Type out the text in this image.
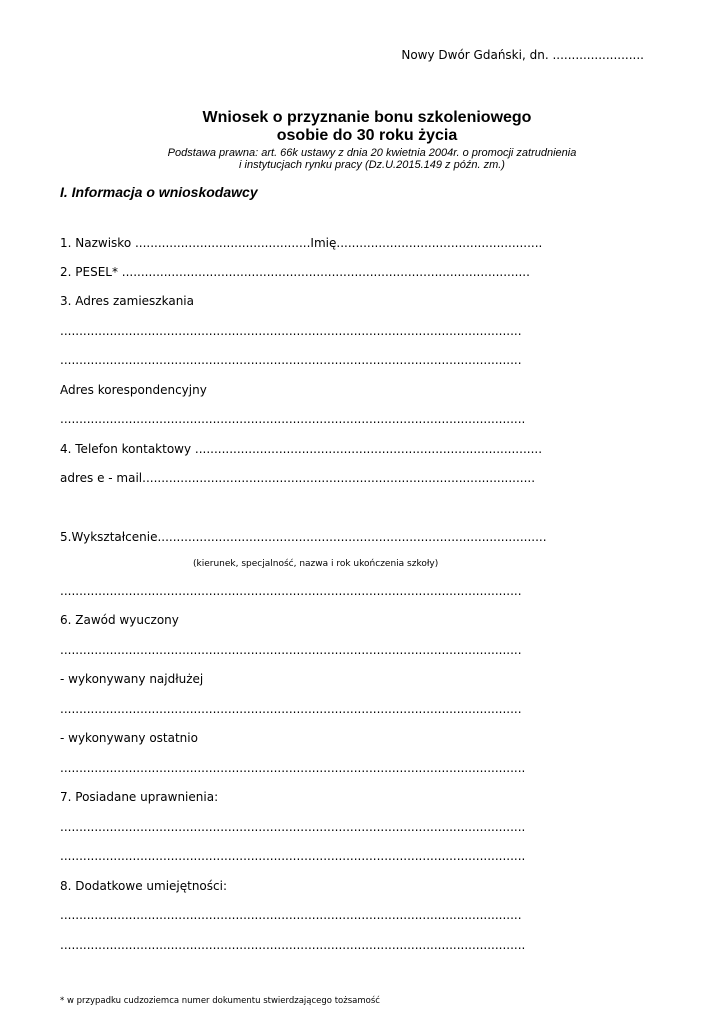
Nowy Dwór Gdański, dn. ........................
Wniosek o przyznanie bonu szkoleniowego
osobie do 30 roku życia
Podstawa prawna: art. 66k ustawy z dnia 20 kwietnia 2004r. o promocji zatrudnienia
i instytucjach rynku pracy (Dz.U.2015.149 z późn. zm.)
I. Informacja o wnioskodawcy
1. Nazwisko ..............................................Imię......................................................
2. PESEL* ...........................................................................................................
3. Adres zamieszkania
.........................................................................................................................
.........................................................................................................................
Adres korespondencyjny
..........................................................................................................................
4. Telefon kontaktowy ...........................................................................................
adres e - mail.......................................................................................................
5.Wykształcenie......................................................................................................
(kierunek, specjalność, nazwa i rok ukończenia szkoły)
.........................................................................................................................
6. Zawód wyuczony
.........................................................................................................................
- wykonywany najdłużej
.........................................................................................................................
- wykonywany ostatnio
..........................................................................................................................
7. Posiadane uprawnienia:
..........................................................................................................................
..........................................................................................................................
8. Dodatkowe umiejętności:
.........................................................................................................................
..........................................................................................................................
* w przypadku cudzoziemca numer dokumentu stwierdzającego tożsamość
